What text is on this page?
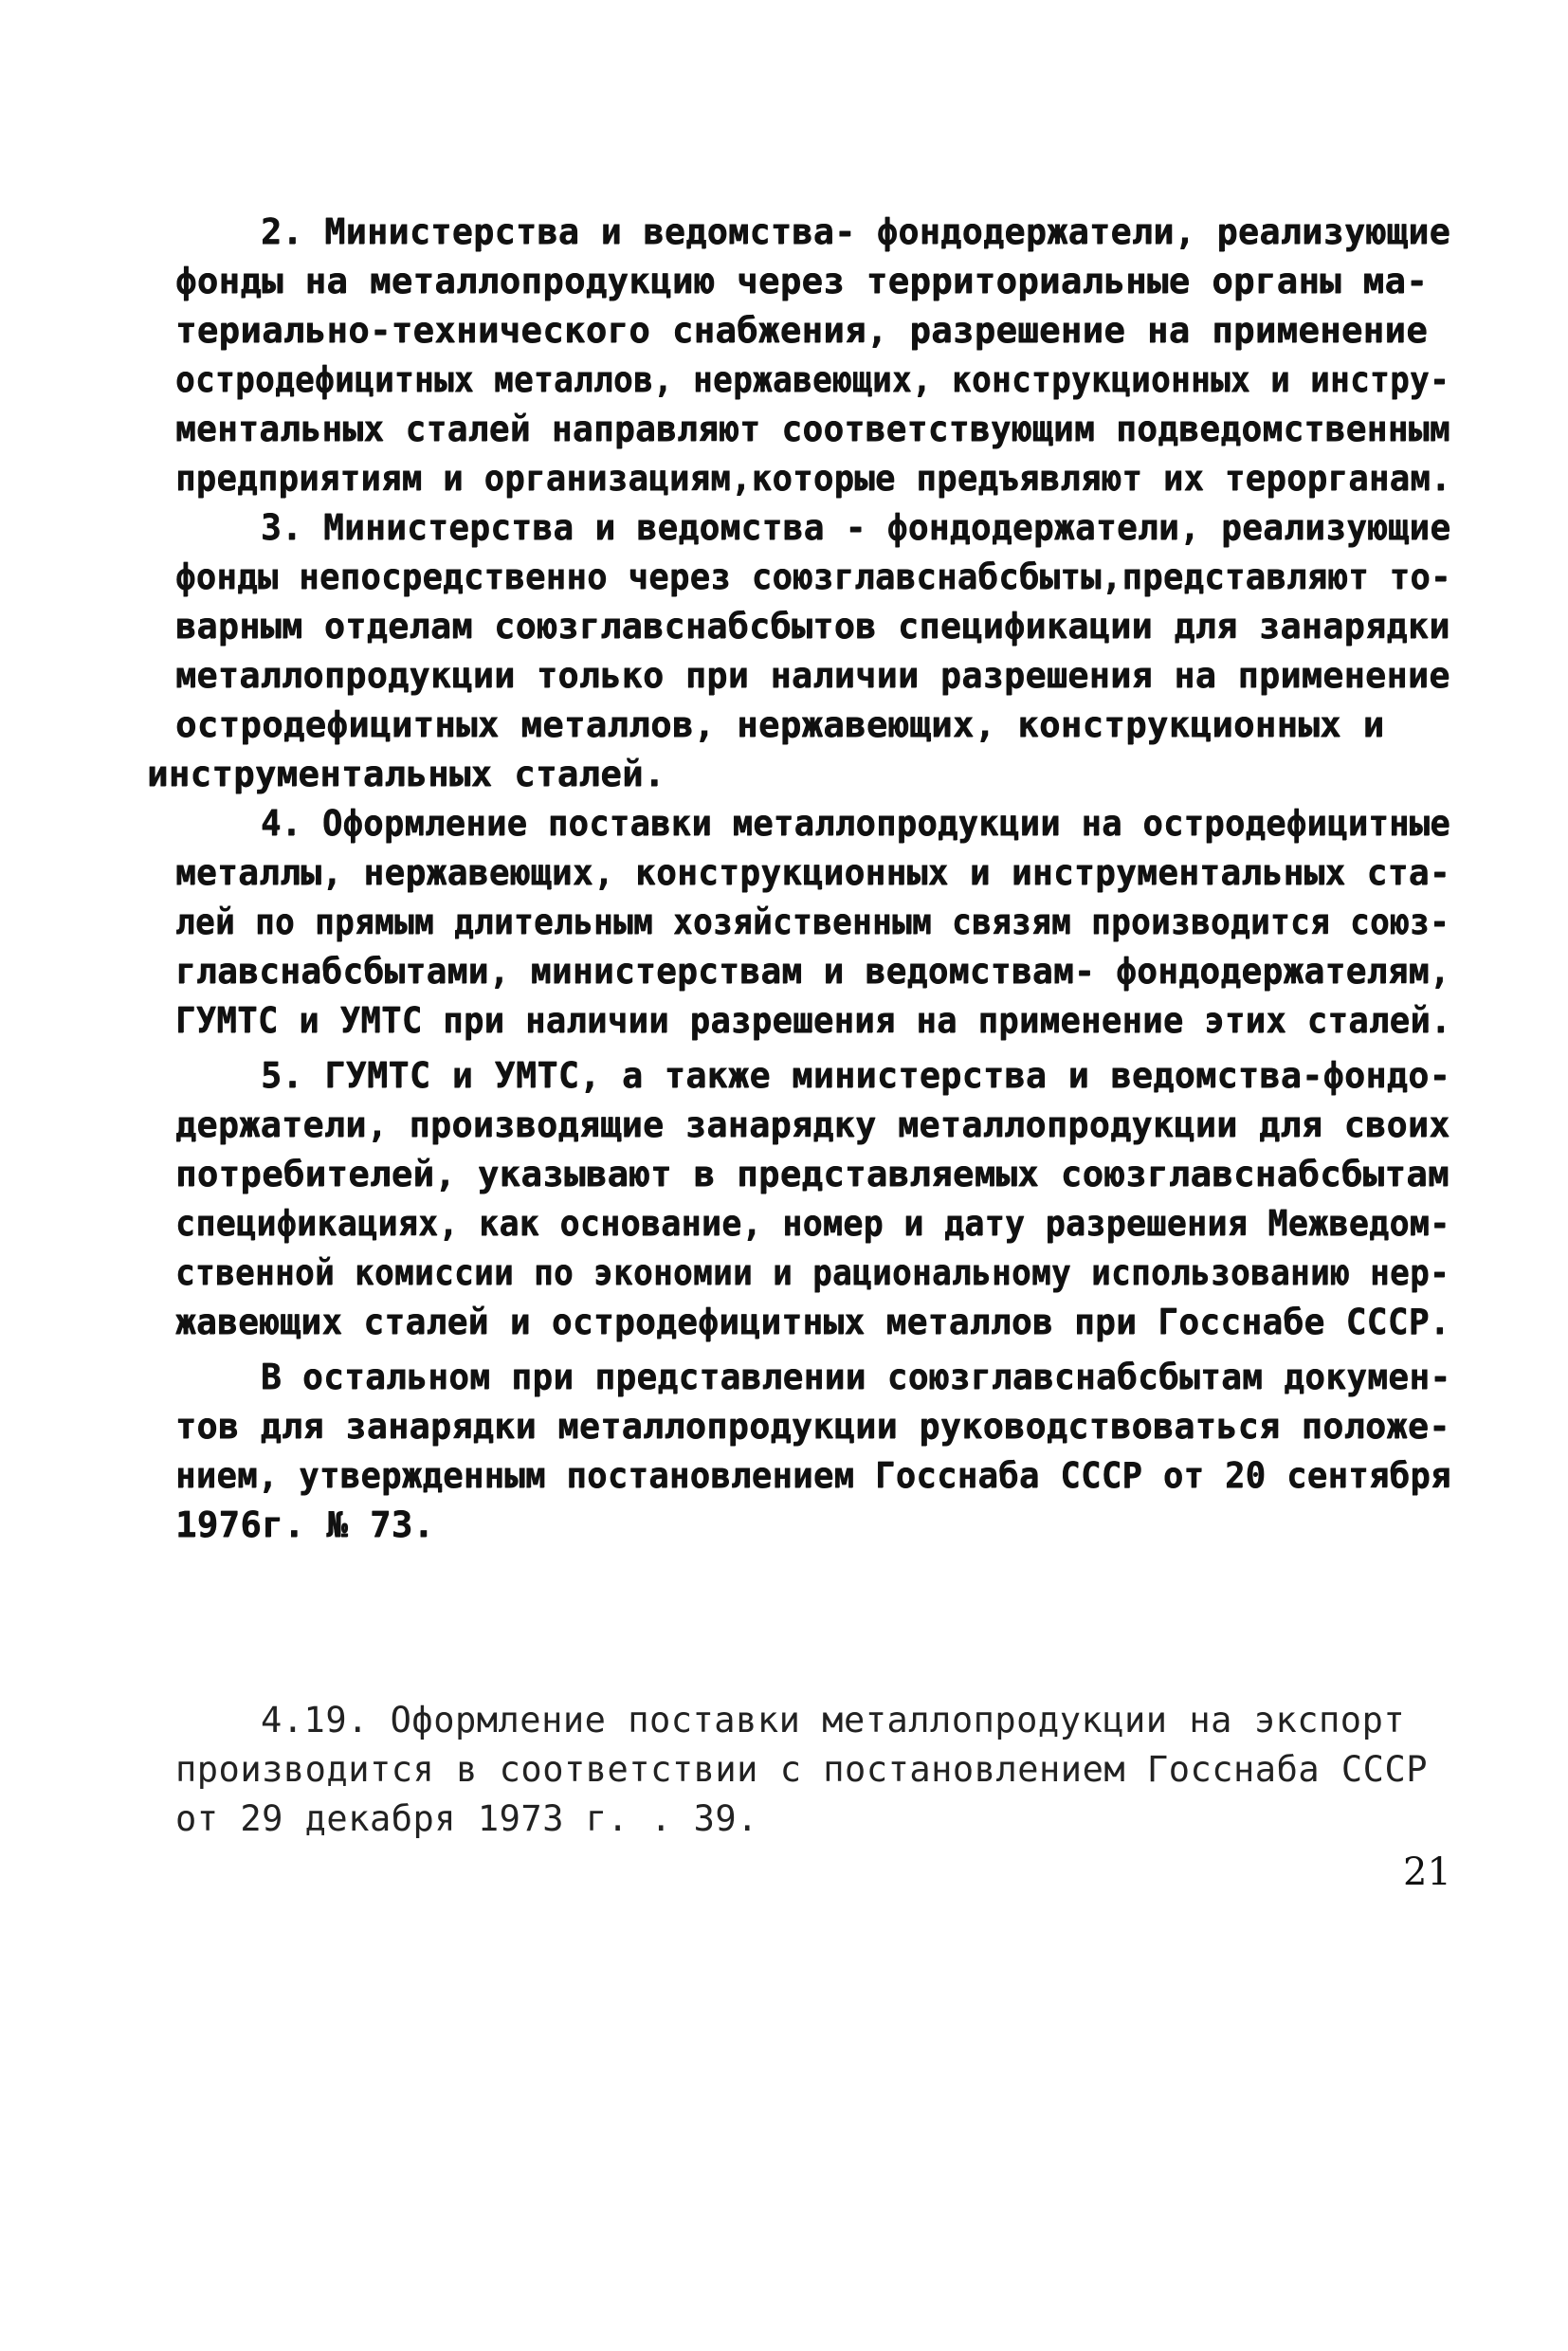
2. Министерства и ведомства- фондодержатели, реализующие
фонды на металлопродукцию через территориальные органы ма-
териально-технического снабжения, разрешение на применение
остродефицитных металлов, нержавеющих, конструкционных и инстру-
ментальных сталей направляют соответствующим подведомственным
предприятиям и организациям,которые предъявляют их терорганам.
3. Министерства и ведомства - фондодержатели, реализующие
фонды непосредственно через союзглавснабсбыты,представляют то-
варным отделам союзглавснабсбытов спецификации для занарядки
металлопродукции только при наличии разрешения на применение
остродефицитных металлов, нержавеющих, конструкционных и
инструментальных сталей.
4. Оформление поставки металлопродукции на остродефицитные
металлы, нержавеющих, конструкционных и инструментальных ста-
лей по прямым длительным хозяйственным связям производится союз-
главснабсбытами, министерствам и ведомствам- фондодержателям,
ГУМТС и УМТС при наличии разрешения на применение этих сталей.
5. ГУМТС и УМТС, а также министерства и ведомства-фондо-
держатели, производящие занарядку металлопродукции для своих
потребителей, указывают в представляемых союзглавснабсбытам
спецификациях, как основание, номер и дату разрешения Межведом-
ственной комиссии по экономии и рациональному использованию нер-
жавеющих сталей и остродефицитных металлов при Госснабе СССР.
В остальном при представлении союзглавснабсбытам докумен-
тов для занарядки металлопродукции руководствоваться положе-
нием, утвержденным постановлением Госснаба СССР от 20 сентября
1976г. № 73.
4.19. Оформление поставки металлопродукции на экспорт
производится в соответствии с постановлением Госснаба СССР
от 29 декабря 1973 г. . 39.
21
